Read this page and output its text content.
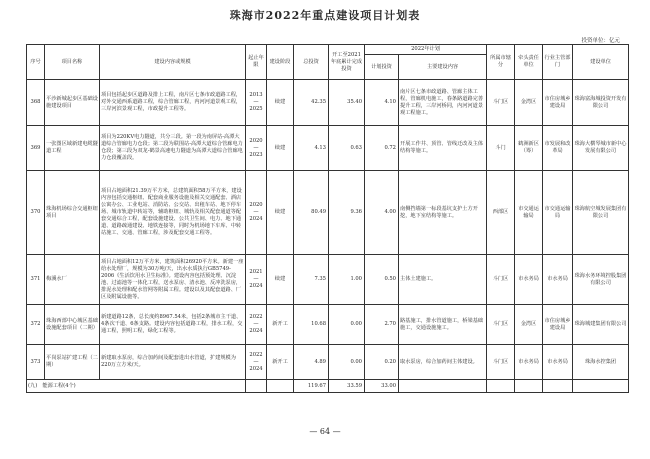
珠海市2022年重点建设项目计划表
投资单位：亿元
序号	项目名称	建设内容或规模	起止年限	建设阶段	总投资	开工至2021年底累计完成投资	2022年计划		所属市辖分	牵头责任单位	行业主管部门	建设单位
							计划投资	主要建设内容				
368	平沙新城起步区基础设施建设项目	项目包括起步区道路及排上工程，南片区七条市政道路工程，对外交通西系道路工程，综合管廊工程，内河河道景观工程，三岸河滨景观工程，市政提升工程等。	2013—2025	续建	42.35	35.40	4.10	南片区七条市政道路、管廊主体工程，管廊机电施工，春条路道路完善提升工程，三岸河桥同，内河河道景观工程施工。	斗门区	金湾区	市住房城乡建设局	珠海富海城投资开发有限公司
369	一张图区域新建电缆隧道工程	项目为220KV电力隧道，共分三段。第一段为南屏站-高潭大道综合管廊电力仓段；第二段为联围站-高潭大道综合管廊电力仓段；第三段为双龙-鹤景高速电力隧道为高潭大道综合管廊电力仓段覆盖段。	2020—2023	续建	4.13	0.63	0.72	开展工作井、顶管、管线迁改及主体结构等施工。	斗门	鹤洲新区（筹）	市发展和改革局	珠海大横琴城市新中心发展有限公司
370	珠海机场综合交通枢纽项目	项目占地面积21.39万平方米，总建筑面积58万平方米，建设内容包括交通枢纽、配套商业服务设施及相关交通配套、酒店公寓办公、工业电站、消防站、公交站、出租车站、地下停车场、城市轨道中转站等，辅助枢纽、城轨及相关配套通道等配套交通综合工程，配套设施建设、公共卫生间、电力、地下通道、道路疏通建设、地铁连接等，同时为机场地下车库、中转站施工、交通、管廊工程，涉及配套交通工程等。	2020—2024	续建	80.49	9.36	4.00	南侧挡墙第一标段基坑支护土方开挖，地下室结构等施工。	西部区	市交通运输局	市交通运输局	珠海航空城发展集团有限公司
371	梅溪水厂	项目占地面积12万平方米，建筑面积26920平方米。新建一座给水处理厂，规模为30万吨/天，出水水质执行GB5749-2006《生活饮用水卫生标准》。建设内容包括预处理、沉淀池、过滤池等一体化工程，送水泵房、清水池、反冲洗泵房，排泥水处理和配水管网等附属工程。建设以及其配套道路、厂区及附属设施等。	2021—2024	续建	7.35	1.00	0.50	主体土建施工。	斗门区	市水务局	市水务局	珠海水务环境控股集团有限公司
372	珠海西部中心城区基础设施配套项目（二期）	新建道路12条，总长度约8967.54米，包括2条城市主干道、4条次干道、6条支路。建设内容包括道路工程，排水工程，交通工程，照明工程，绿化工程等。	2022—2024	新开工	10.68	0.00	2.70	路基施工，排水管道施工，桥梁基础施工，交通设施施工。	斗门区	金湾区	市住房城乡建设局	珠海城建集团有限公司
373	平岗泵站扩建工程（二期）	新建取水泵房，综合加药间及配套进出水管道，扩建规模为220万立方米/天。	2022—2024	新开工	4.89	0.00	0.20	取水泵房，综合加药间主体建设。	斗门区	市水务局	市水务局	珠海水控集团
(九)　能源工程(4个)					119.67	33.59	33.00					
— 64 —
